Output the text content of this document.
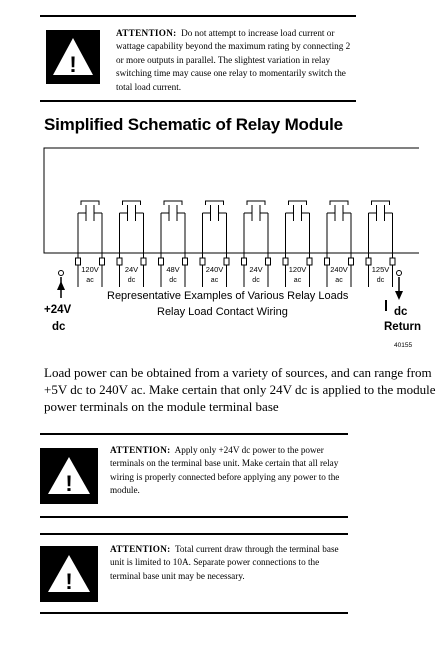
!
ATTENTION: Do not attempt to increase load current or wattage capability beyond the maximum rating by connecting 2 or more outputs in parallel. The slightest variation in relay switching time may cause one relay to momentarily switch the total load current.
Simplified Schematic of Relay Module
120V
ac
24V
dc
48V
dc
240V
ac
24V
dc
120V
ac
240V
ac
125V
dc
Representative Examples of Various Relay Loads
Relay Load Contact Wiring
+24V
dc
dc
Return
40155
Load power can be obtained from a variety of sources, and can range from +5V dc to 240V ac. Make certain that only 24V dc is applied to the module power terminals on the module terminal base
!
ATTENTION: Apply only +24V dc power to the power terminals on the terminal base unit. Make certain that all relay wiring is properly connected before applying any power to the module.
!
ATTENTION: Total current draw through the terminal base unit is limited to 10A. Separate power connections to the terminal base unit may be necessary.
